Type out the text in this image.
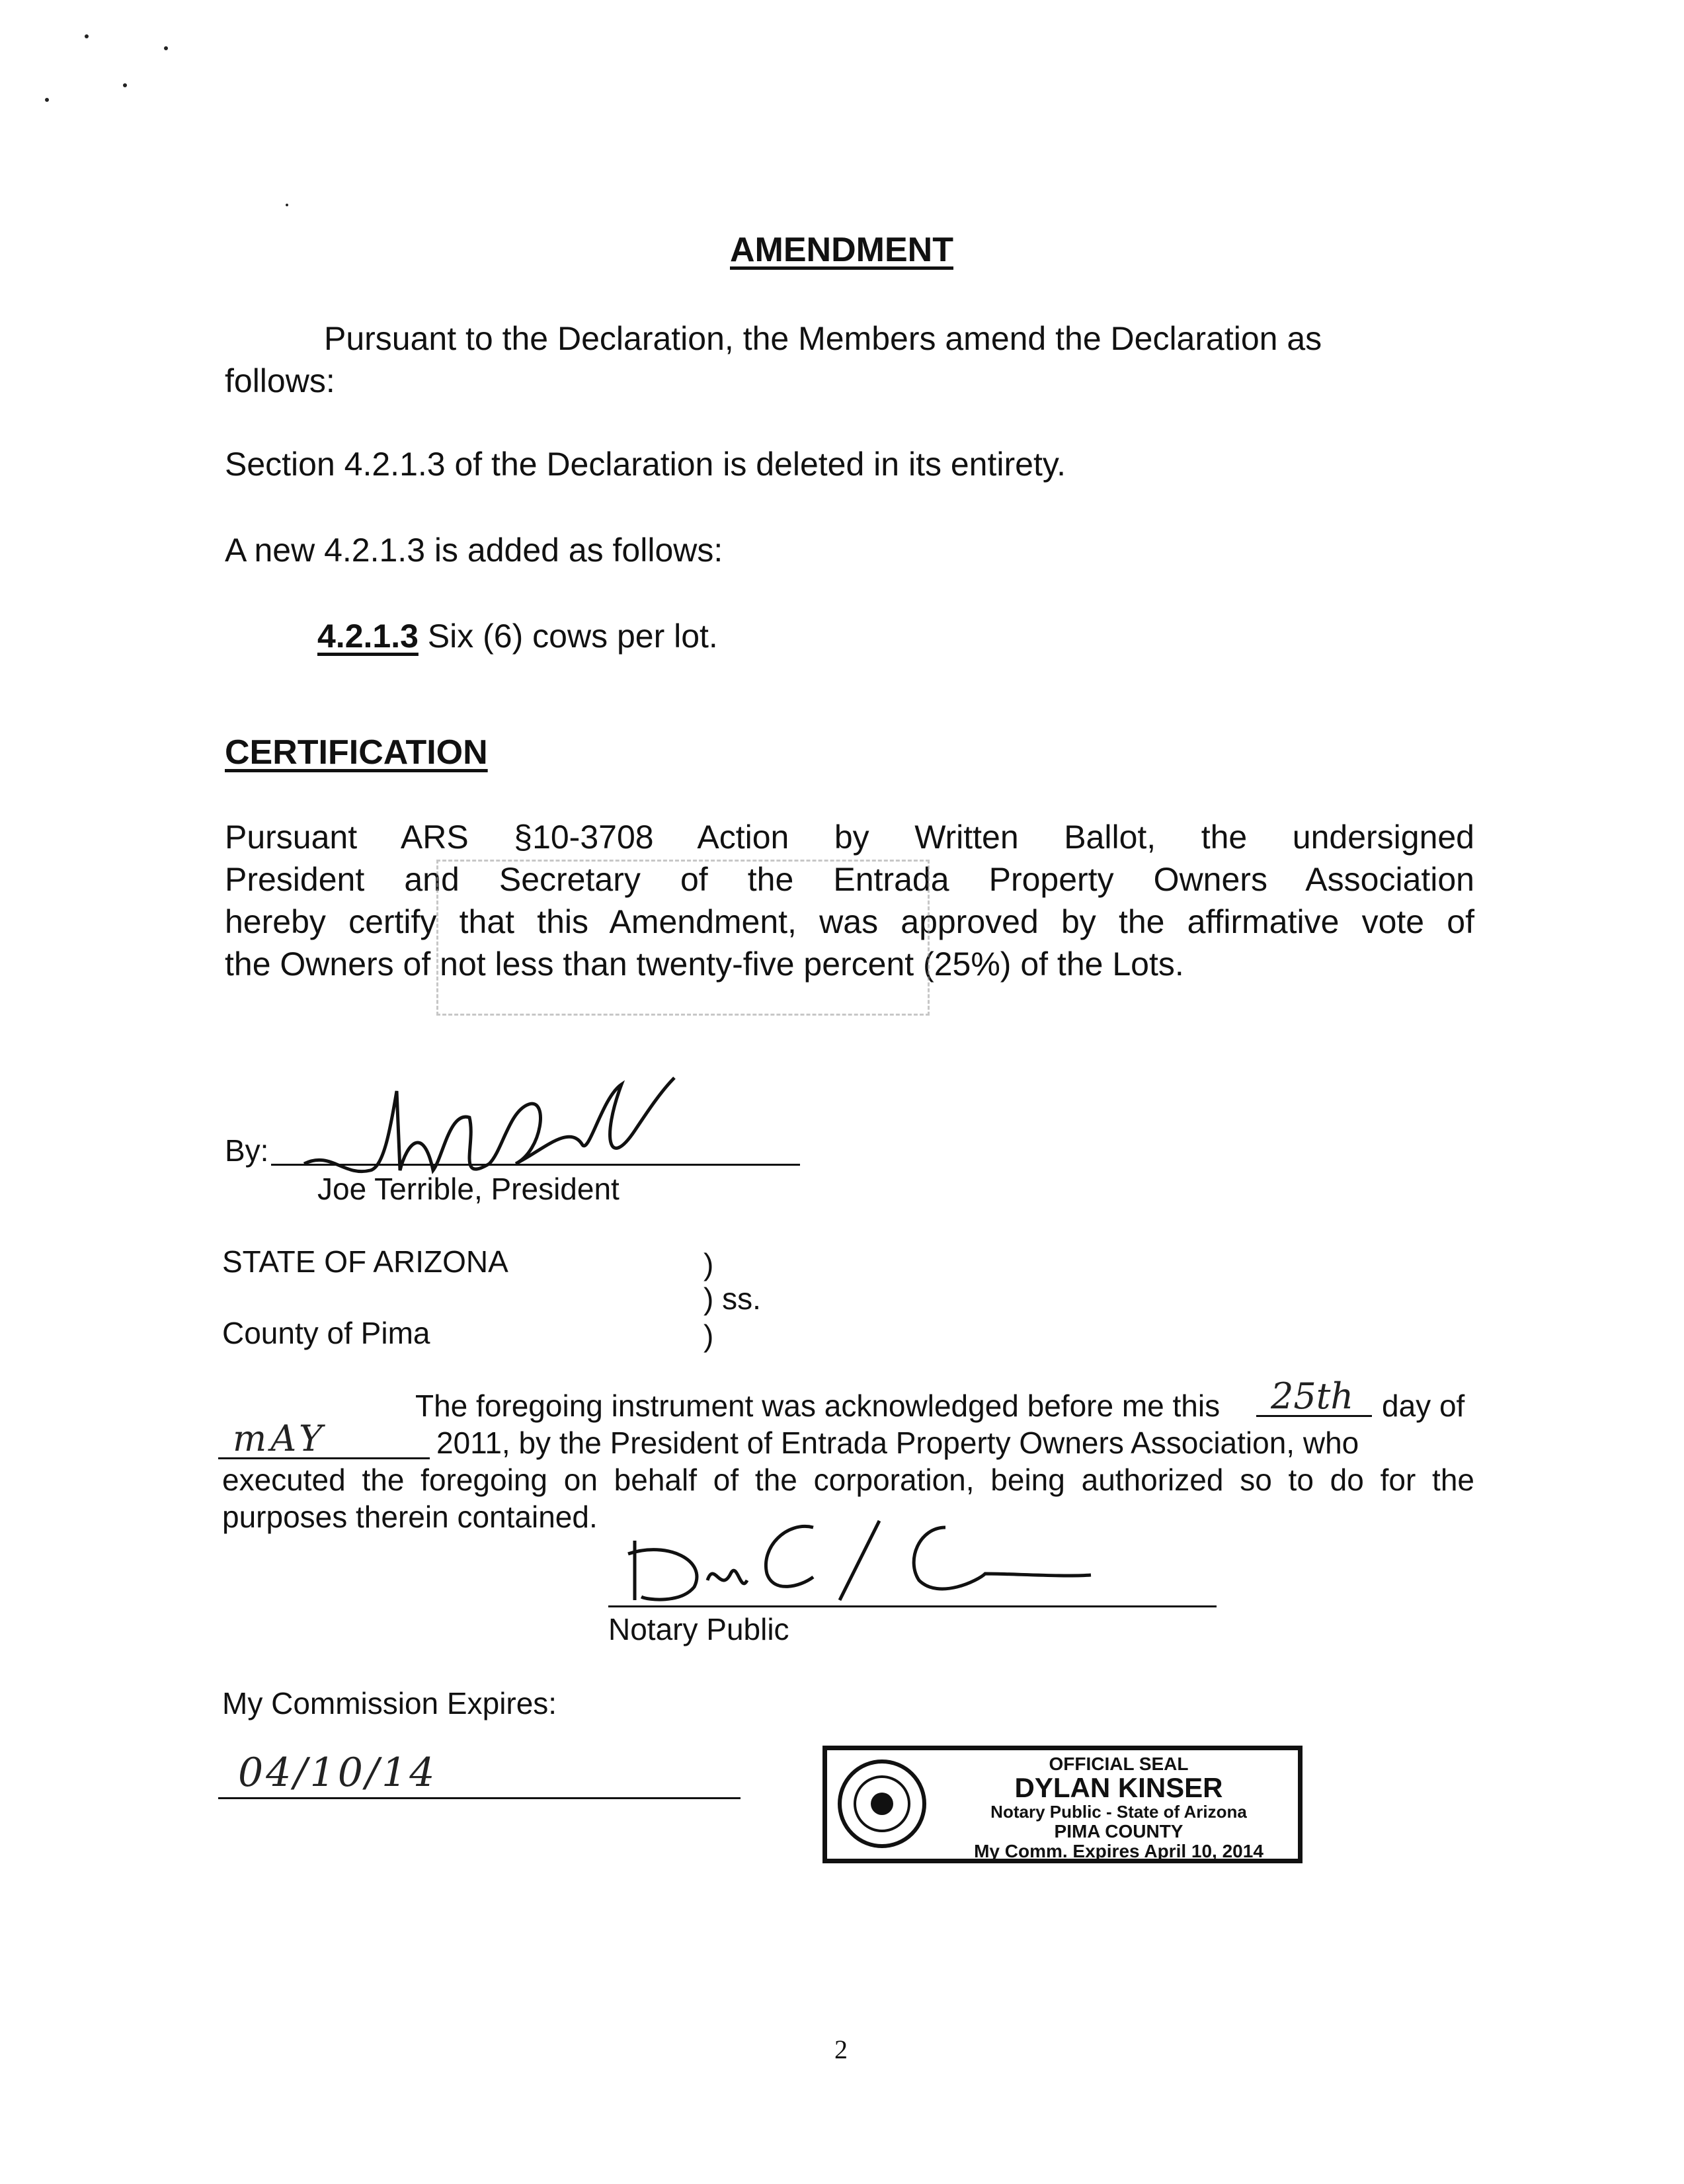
AMENDMENT
Pursuant to the Declaration, the Members amend the Declaration as
follows:
Section 4.2.1.3 of the Declaration is deleted in its entirety.
A new 4.2.1.3 is added as follows:
4.2.1.3 Six (6) cows per lot.
CERTIFICATION
Pursuant ARS §10-3708 Action by Written Ballot, the undersigned
President and Secretary of the Entrada Property Owners Association
hereby certify that this Amendment, was approved by the affirmative vote of
the Owners of not less than twenty-five percent (25%) of the Lots.
By:
Joe Terrible, President
STATE OF ARIZONA	)
) ss.
County of Pima	)
The foregoing instrument was acknowledged before me this 25th day of
mAY	2011, by the President of Entrada Property Owners Association, who
executed the foregoing on behalf of the corporation, being authorized so to do for the
purposes therein contained.
Notary Public
My Commission Expires:
04/10/14	OFFICIAL SEAL
DYLAN KINSER
Notary Public - State of Arizona
PIMA COUNTY
My Comm. Expires April 10, 2014
2
